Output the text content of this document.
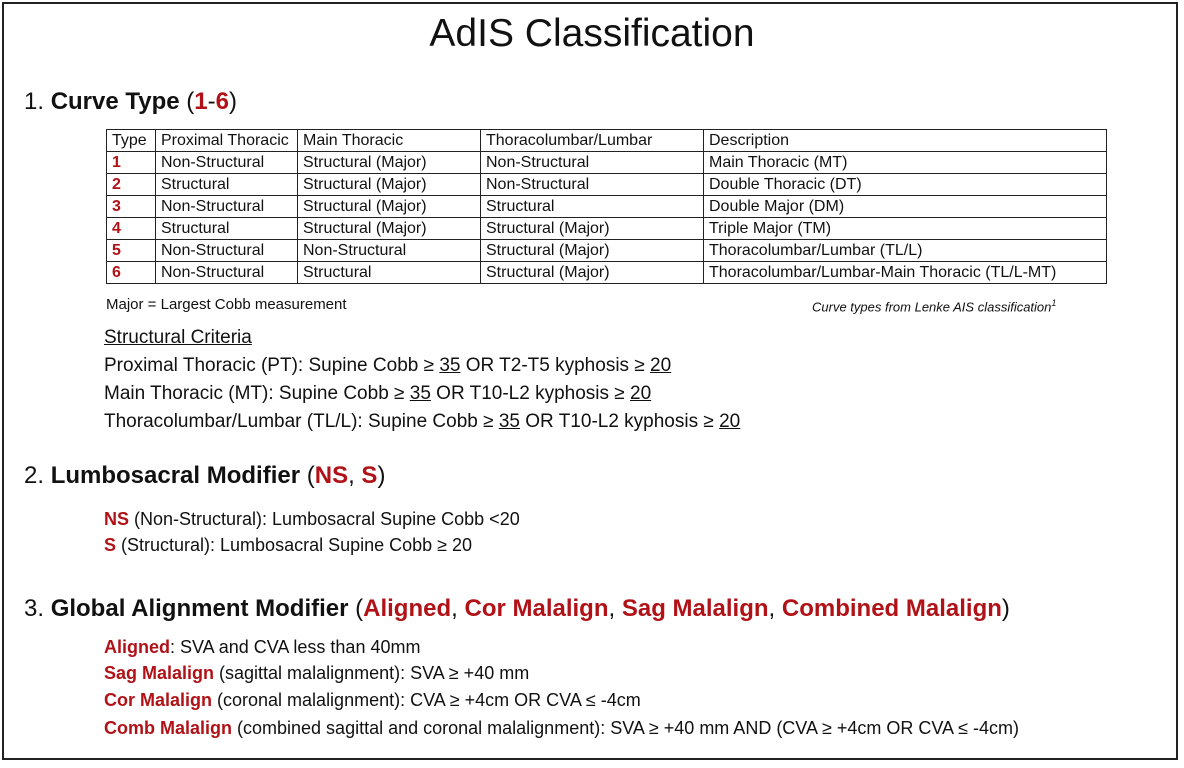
AdIS Classification
1. Curve Type (1-6)
Type	Proximal Thoracic	Main Thoracic	Thoracolumbar/Lumbar	Description
1	Non-Structural	Structural (Major)	Non-Structural	Main Thoracic (MT)
2	Structural	Structural (Major)	Non-Structural	Double Thoracic (DT)
3	Non-Structural	Structural (Major)	Structural	Double Major (DM)
4	Structural	Structural (Major)	Structural (Major)	Triple Major (TM)
5	Non-Structural	Non-Structural	Structural (Major)	Thoracolumbar/Lumbar (TL/L)
6	Non-Structural	Structural	Structural (Major)	Thoracolumbar/Lumbar-Main Thoracic (TL/L-MT)
Major = Largest Cobb measurement	Curve types from Lenke AIS classification$^1$
Structural Criteria
Proximal Thoracic (PT): Supine Cobb ≥ 35 OR T2-T5 kyphosis ≥ 20
Main Thoracic (MT): Supine Cobb ≥ 35 OR T10-L2 kyphosis ≥ 20
Thoracolumbar/Lumbar (TL/L): Supine Cobb ≥ 35 OR T10-L2 kyphosis ≥ 20
2. Lumbosacral Modifier (NS, S)
NS (Non-Structural): Lumbosacral Supine Cobb <20
S (Structural): Lumbosacral Supine Cobb ≥ 20
3. Global Alignment Modifier (Aligned, Cor Malalign, Sag Malalign, Combined Malalign)
Aligned: SVA and CVA less than 40mm
Sag Malalign (sagittal malalignment): SVA ≥ +40 mm
Cor Malalign (coronal malalignment): CVA ≥ +4cm OR CVA ≤ -4cm
Comb Malalign (combined sagittal and coronal malalignment): SVA ≥ +40 mm AND (CVA ≥ +4cm OR CVA ≤ -4cm)
